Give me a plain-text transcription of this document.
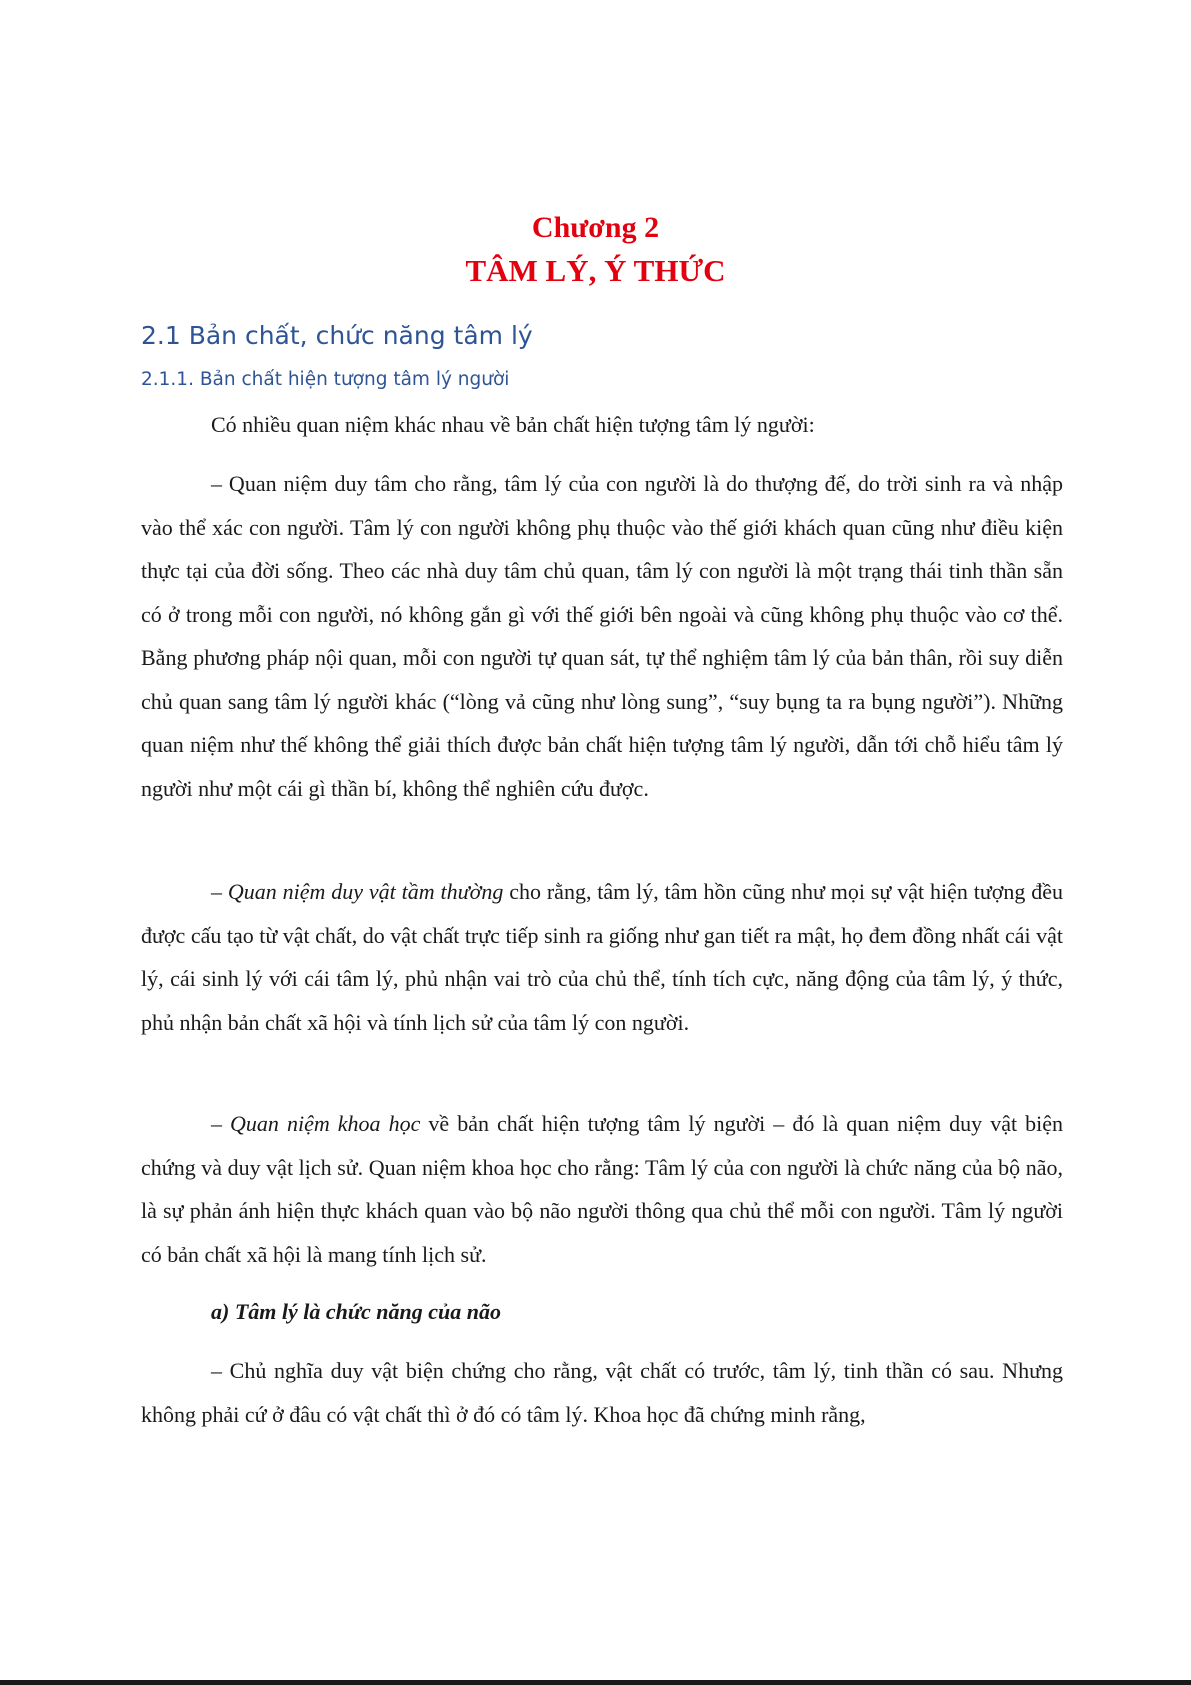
Chương 2
TÂM LÝ, Ý THỨC
2.1 Bản chất, chức năng tâm lý
2.1.1. Bản chất hiện tượng tâm lý người

Có nhiều quan niệm khác nhau về bản chất hiện tượng tâm lý người:

– Quan niệm duy tâm cho rằng, tâm lý của con người là do thượng đế, do trời sinh ra và nhập vào thể xác con người. Tâm lý con người không phụ thuộc vào thế giới khách quan cũng như điều kiện thực tại của đời sống. Theo các nhà duy tâm chủ quan, tâm lý con người là một trạng thái tinh thần sẵn có ở trong mỗi con người, nó không gắn gì với thế giới bên ngoài và cũng không phụ thuộc vào cơ thể. Bằng phương pháp nội quan, mỗi con người tự quan sát, tự thể nghiệm tâm lý của bản thân, rồi suy diễn chủ quan sang tâm lý người khác (“lòng vả cũng như lòng sung”, “suy bụng ta ra bụng người”). Những quan niệm như thế không thể giải thích được bản chất hiện tượng tâm lý người, dẫn tới chỗ hiểu tâm lý người như một cái gì thần bí, không thể nghiên cứu được.

– Quan niệm duy vật tầm thường cho rằng, tâm lý, tâm hồn cũng như mọi sự vật hiện tượng đều được cấu tạo từ vật chất, do vật chất trực tiếp sinh ra giống như gan tiết ra mật, họ đem đồng nhất cái vật lý, cái sinh lý với cái tâm lý, phủ nhận vai trò của chủ thể, tính tích cực, năng động của tâm lý, ý thức, phủ nhận bản chất xã hội và tính lịch sử của tâm lý con người.

– Quan niệm khoa học về bản chất hiện tượng tâm lý người – đó là quan niệm duy vật biện chứng và duy vật lịch sử. Quan niệm khoa học cho rằng: Tâm lý của con người là chức năng của bộ não, là sự phản ánh hiện thực khách quan vào bộ não người thông qua chủ thể mỗi con người. Tâm lý người có bản chất xã hội là mang tính lịch sử.

a) Tâm lý là chức năng của não

– Chủ nghĩa duy vật biện chứng cho rằng, vật chất có trước, tâm lý, tinh thần có sau. Nhưng không phải cứ ở đâu có vật chất thì ở đó có tâm lý. Khoa học đã chứng minh rằng,
